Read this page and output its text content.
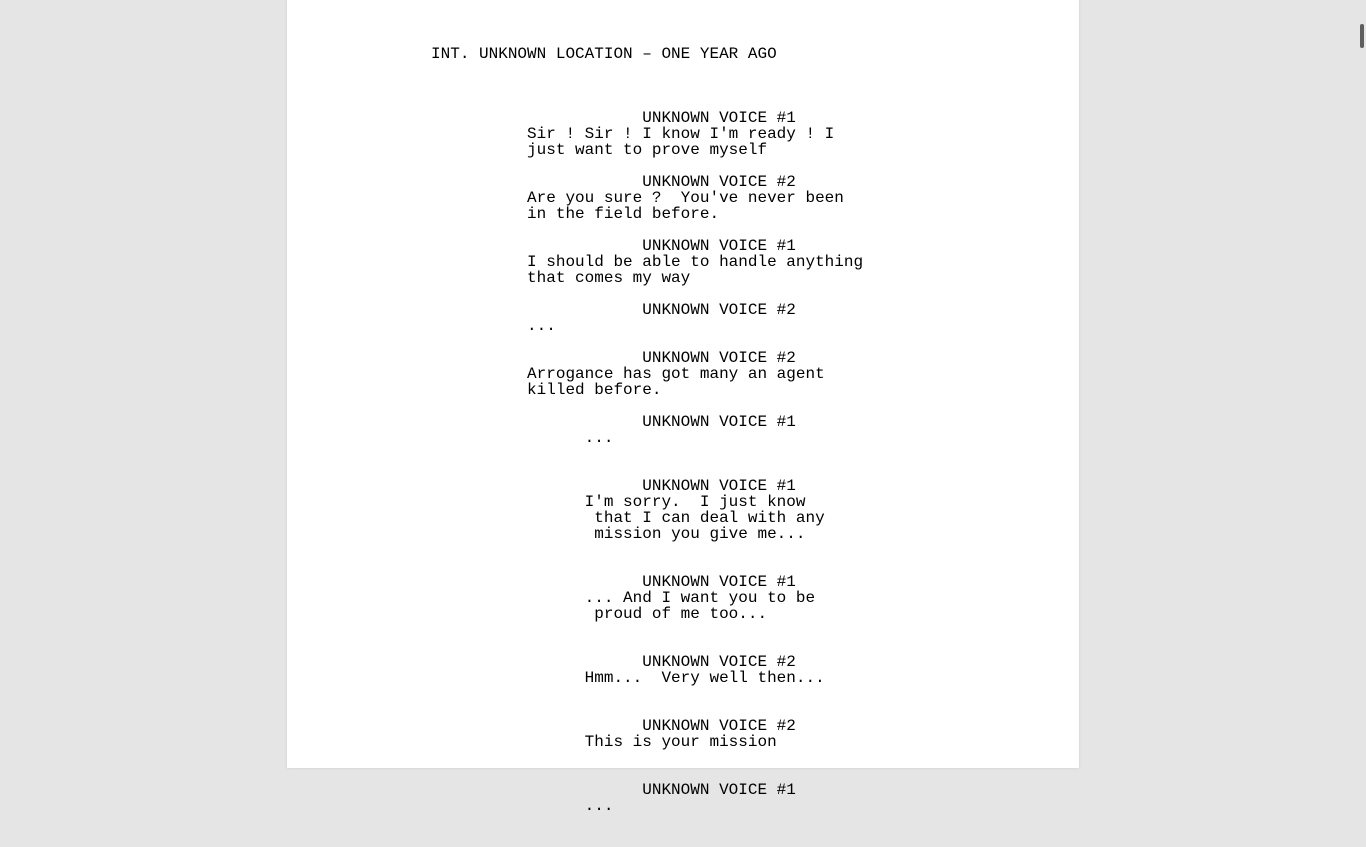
INT. UNKNOWN LOCATION – ONE YEAR AGO

UNKNOWN VOICE #1
Sir ! Sir ! I know I'm ready ! I
just want to prove myself
UNKNOWN VOICE #2
Are you sure ?  You've never been
in the field before.
UNKNOWN VOICE #1
I should be able to handle anything
that comes my way
UNKNOWN VOICE #2
...
UNKNOWN VOICE #2
Arrogance has got many an agent
killed before.
UNKNOWN VOICE #1
...
UNKNOWN VOICE #1
I'm sorry.  I just know
that I can deal with any
mission you give me...
UNKNOWN VOICE #1
... And I want you to be
proud of me too...
UNKNOWN VOICE #2
Hmm...  Very well then...
UNKNOWN VOICE #2
This is your mission
UNKNOWN VOICE #1
...
